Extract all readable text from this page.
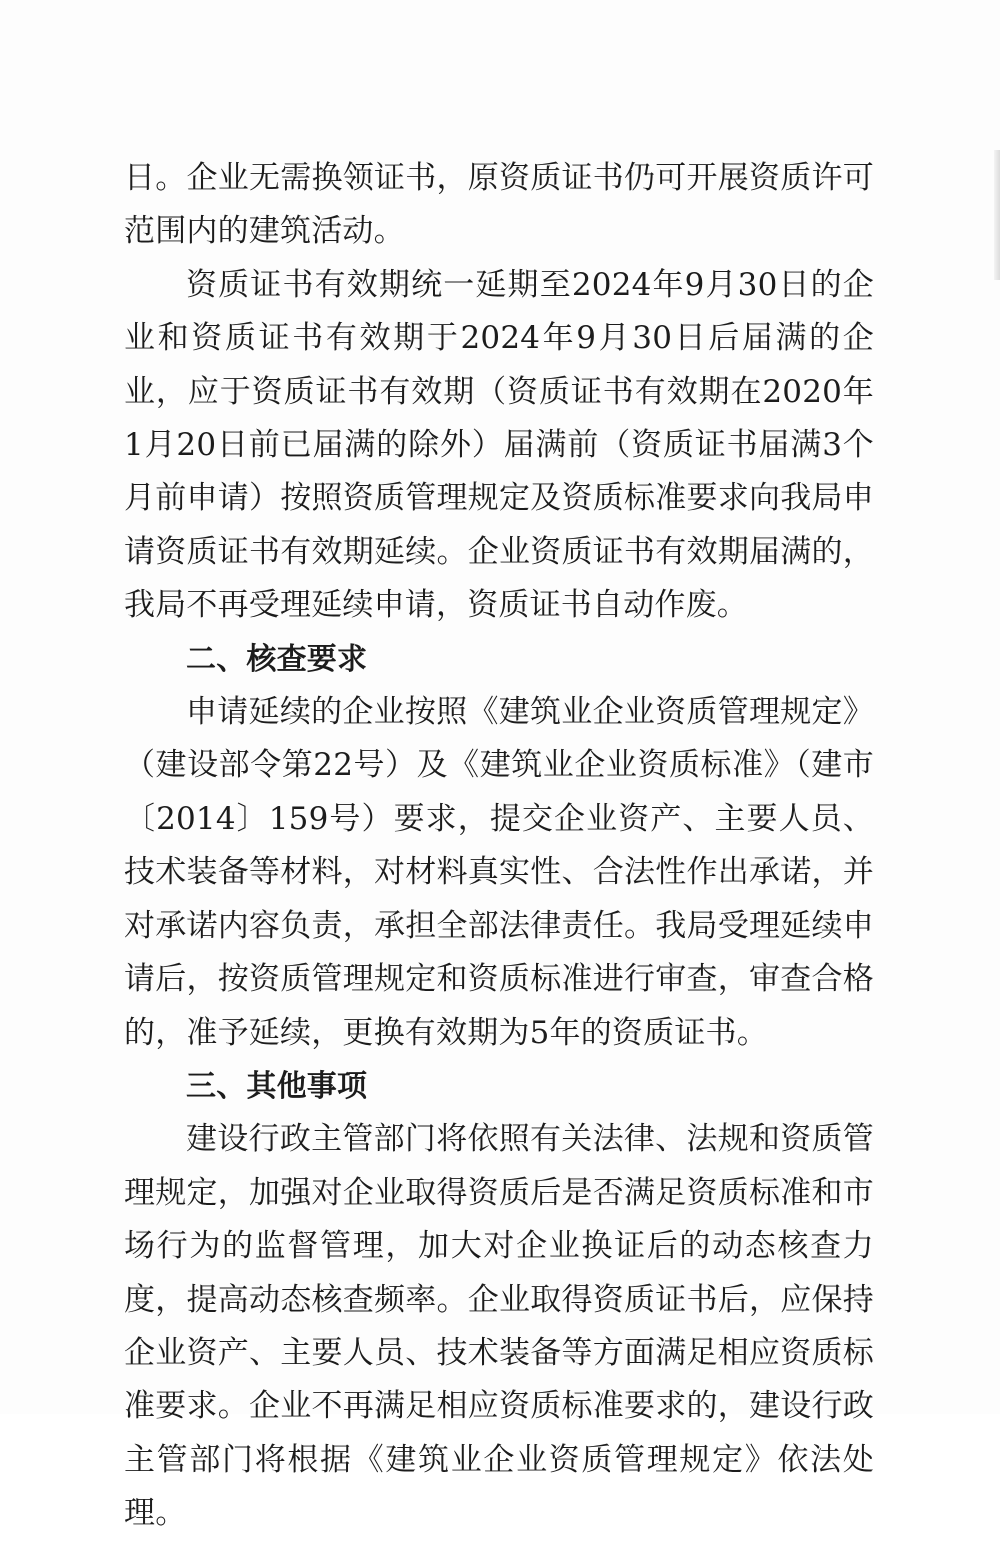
日。企业无需换领证书，原资质证书仍可开展资质许可范围内的建筑活动。

资质证书有效期统一延期至2024年9月30日的企业和资质证书有效期于2024年9月30日后届满的企业，应于资质证书有效期（资质证书有效期在2020年1月20日前已届满的除外）届满前（资质证书届满3个月前申请）按照资质管理规定及资质标准要求向我局申请资质证书有效期延续。企业资质证书有效期届满的，我局不再受理延续申请，资质证书自动作废。

二、核查要求

申请延续的企业按照《建筑业企业资质管理规定》（建设部令第22号）及《建筑业企业资质标准》（建市〔2014〕159号）要求，提交企业资产、主要人员、技术装备等材料，对材料真实性、合法性作出承诺，并对承诺内容负责，承担全部法律责任。我局受理延续申请后，按资质管理规定和资质标准进行审查，审查合格的，准予延续，更换有效期为5年的资质证书。

三、其他事项

建设行政主管部门将依照有关法律、法规和资质管理规定，加强对企业取得资质后是否满足资质标准和市场行为的监督管理，加大对企业换证后的动态核查力度，提高动态核查频率。企业取得资质证书后，应保持企业资产、主要人员、技术装备等方面满足相应资质标准要求。企业不再满足相应资质标准要求的，建设行政主管部门将根据《建筑业企业资质管理规定》依法处理。
